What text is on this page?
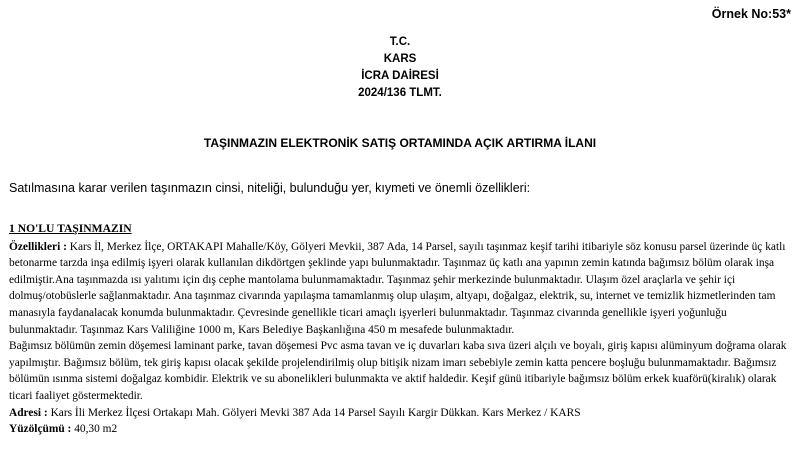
Örnek No:53*
T.C.
KARS
İCRA DAİRESİ
2024/136 TLMT.
TAŞINMAZIN ELEKTRONİK SATIŞ ORTAMINDA AÇIK ARTIRMA İLANI
Satılmasına karar verilen taşınmazın cinsi, niteliği, bulunduğu yer, kıymeti ve önemli özellikleri:
1 NO'LU TAŞINMAZIN

Özellikleri : Kars İl, Merkez İlçe, ORTAKAPI Mahalle/Köy, Gölyeri Mevkii, 387 Ada, 14 Parsel, sayılı taşınmaz keşif tarihi itibariyle söz konusu parsel üzerinde üç katlı betonarme tarzda inşa edilmiş işyeri olarak kullanılan dikdörtgen şeklinde yapı bulunmaktadır. Taşınmaz üç katlı ana yapının zemin katında bağımsız bölüm olarak inşa edilmiştir.Ana taşınmazda ısı yalıtımı için dış cephe mantolama bulunmamaktadır. Taşınmaz şehir merkezinde bulunmaktadır. Ulaşım özel araçlarla ve şehir içi dolmuş/otobüslerle sağlanmaktadır. Ana taşınmaz civarında yapılaşma tamamlanmış olup ulaşım, altyapı, doğalgaz, elektrik, su, internet ve temizlik hizmetlerinden tam manasıyla faydanalacak konumda bulunmaktadır. Çevresinde genellikle ticari amaçlı işyerleri bulunmaktadır. Taşınmaz civarında genellikle işyeri yoğunluğu bulunmaktadır. Taşınmaz Kars Valiliğine 1000 m, Kars Belediye Başkanlığına 450 m mesafede bulunmaktadır.

Bağımsız bölümün zemin döşemesi laminant parke, tavan döşemesi Pvc asma tavan ve iç duvarları kaba sıva üzeri alçılı ve boyalı, giriş kapısı alüminyum doğrama olarak yapılmıştır. Bağımsız bölüm, tek giriş kapısı olacak şekilde projelendirilmiş olup bitişik nizam imarı sebebiyle zemin katta pencere boşluğu bulunmamaktadır. Bağımsız bölümün ısınma sistemi doğalgaz kombidir. Elektrik ve su abonelikleri bulunmakta ve aktif haldedir. Keşif günü itibariyle bağımsız bölüm erkek kuaförü(kiralık) olarak ticari faaliyet göstermektedir.

Adresi : Kars İli Merkez İlçesi Ortakapı Mah. Gölyeri Mevki 387 Ada 14 Parsel Sayılı Kargir Dükkan. Kars Merkez / KARS

Yüzölçümü : 40,30 m2
